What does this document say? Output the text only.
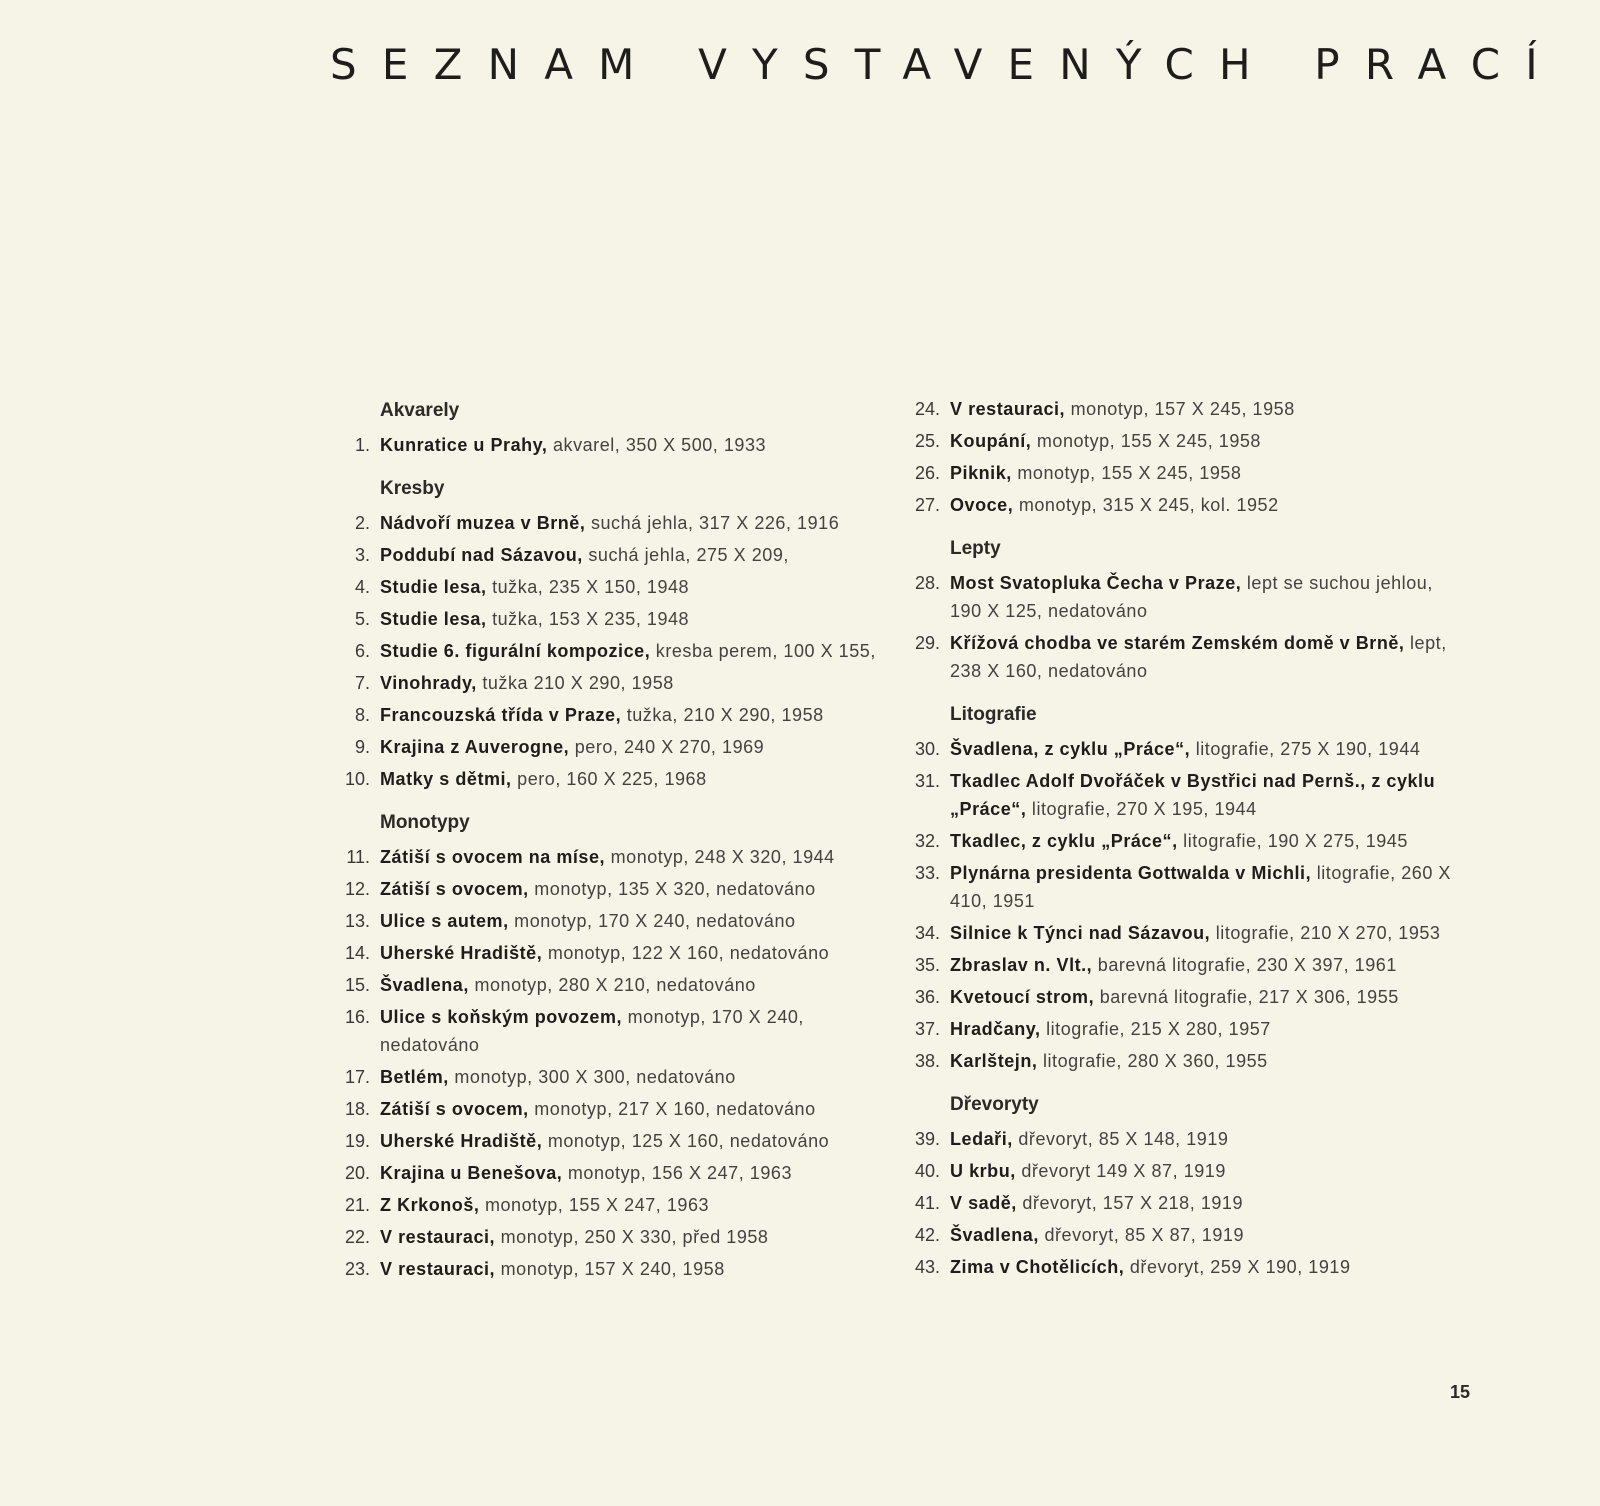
SEZNAM VYSTAVENÝCH PRACÍ
Akvarely
1. Kunratice u Prahy, akvarel, 350 X 500, 1933
Kresby
2. Nádvoří muzea v Brně, suchá jehla, 317 X 226, 1916
3. Poddubí nad Sázavou, suchá jehla, 275 X 209,
4. Studie lesa, tužka, 235 X 150, 1948
5. Studie lesa, tužka, 153 X 235, 1948
6. Studie 6. figurální kompozice, kresba perem, 100 X 155,
7. Vinohrady, tužka 210 X 290, 1958
8. Francouzská třída v Praze, tužka, 210 X 290, 1958
9. Krajina z Auverogne, pero, 240 X 270, 1969
10. Matky s dětmi, pero, 160 X 225, 1968
Monotypy
11. Zátiší s ovocem na míse, monotyp, 248 X 320, 1944
12. Zátiší s ovocem, monotyp, 135 X 320, nedatováno
13. Ulice s autem, monotyp, 170 X 240, nedatováno
14. Uherské Hradiště, monotyp, 122 X 160, nedatováno
15. Švadlena, monotyp, 280 X 210, nedatováno
16. Ulice s koňským povozem, monotyp, 170 X 240, nedatováno
17. Betlém, monotyp, 300 X 300, nedatováno
18. Zátiší s ovocem, monotyp, 217 X 160, nedatováno
19. Uherské Hradiště, monotyp, 125 X 160, nedatováno
20. Krajina u Benešova, monotyp, 156 X 247, 1963
21. Z Krkonoš, monotyp, 155 X 247, 1963
22. V restauraci, monotyp, 250 X 330, před 1958
23. V restauraci, monotyp, 157 X 240, 1958
24. V restauraci, monotyp, 157 X 245, 1958
25. Koupání, monotyp, 155 X 245, 1958
26. Piknik, monotyp, 155 X 245, 1958
27. Ovoce, monotyp, 315 X 245, kol. 1952
Lepty
28. Most Svatopluka Čecha v Praze, lept se suchou jehlou, 190 X 125, nedatováno
29. Křížová chodba ve starém Zemském domě v Brně, lept, 238 X 160, nedatováno
Litografie
30. Švadlena, z cyklu „Práce“, litografie, 275 X 190, 1944
31. Tkadlec Adolf Dvořáček v Bystřici nad Pernš., z cyklu „Práce“, litografie, 270 X 195, 1944
32. Tkadlec, z cyklu „Práce“, litografie, 190 X 275, 1945
33. Plynárna presidenta Gottwalda v Michli, litografie, 260 X 410, 1951
34. Silnice k Týnci nad Sázavou, litografie, 210 X 270, 1953
35. Zbraslav n. Vlt., barevná litografie, 230 X 397, 1961
36. Kvetoucí strom, barevná litografie, 217 X 306, 1955
37. Hradčany, litografie, 215 X 280, 1957
38. Karlštejn, litografie, 280 X 360, 1955
Dřevoryty
39. Ledaři, dřevoryt, 85 X 148, 1919
40. U krbu, dřevoryt 149 X 87, 1919
41. V sadě, dřevoryt, 157 X 218, 1919
42. Švadlena, dřevoryt, 85 X 87, 1919
43. Zima v Chotělicích, dřevoryt, 259 X 190, 1919
15
